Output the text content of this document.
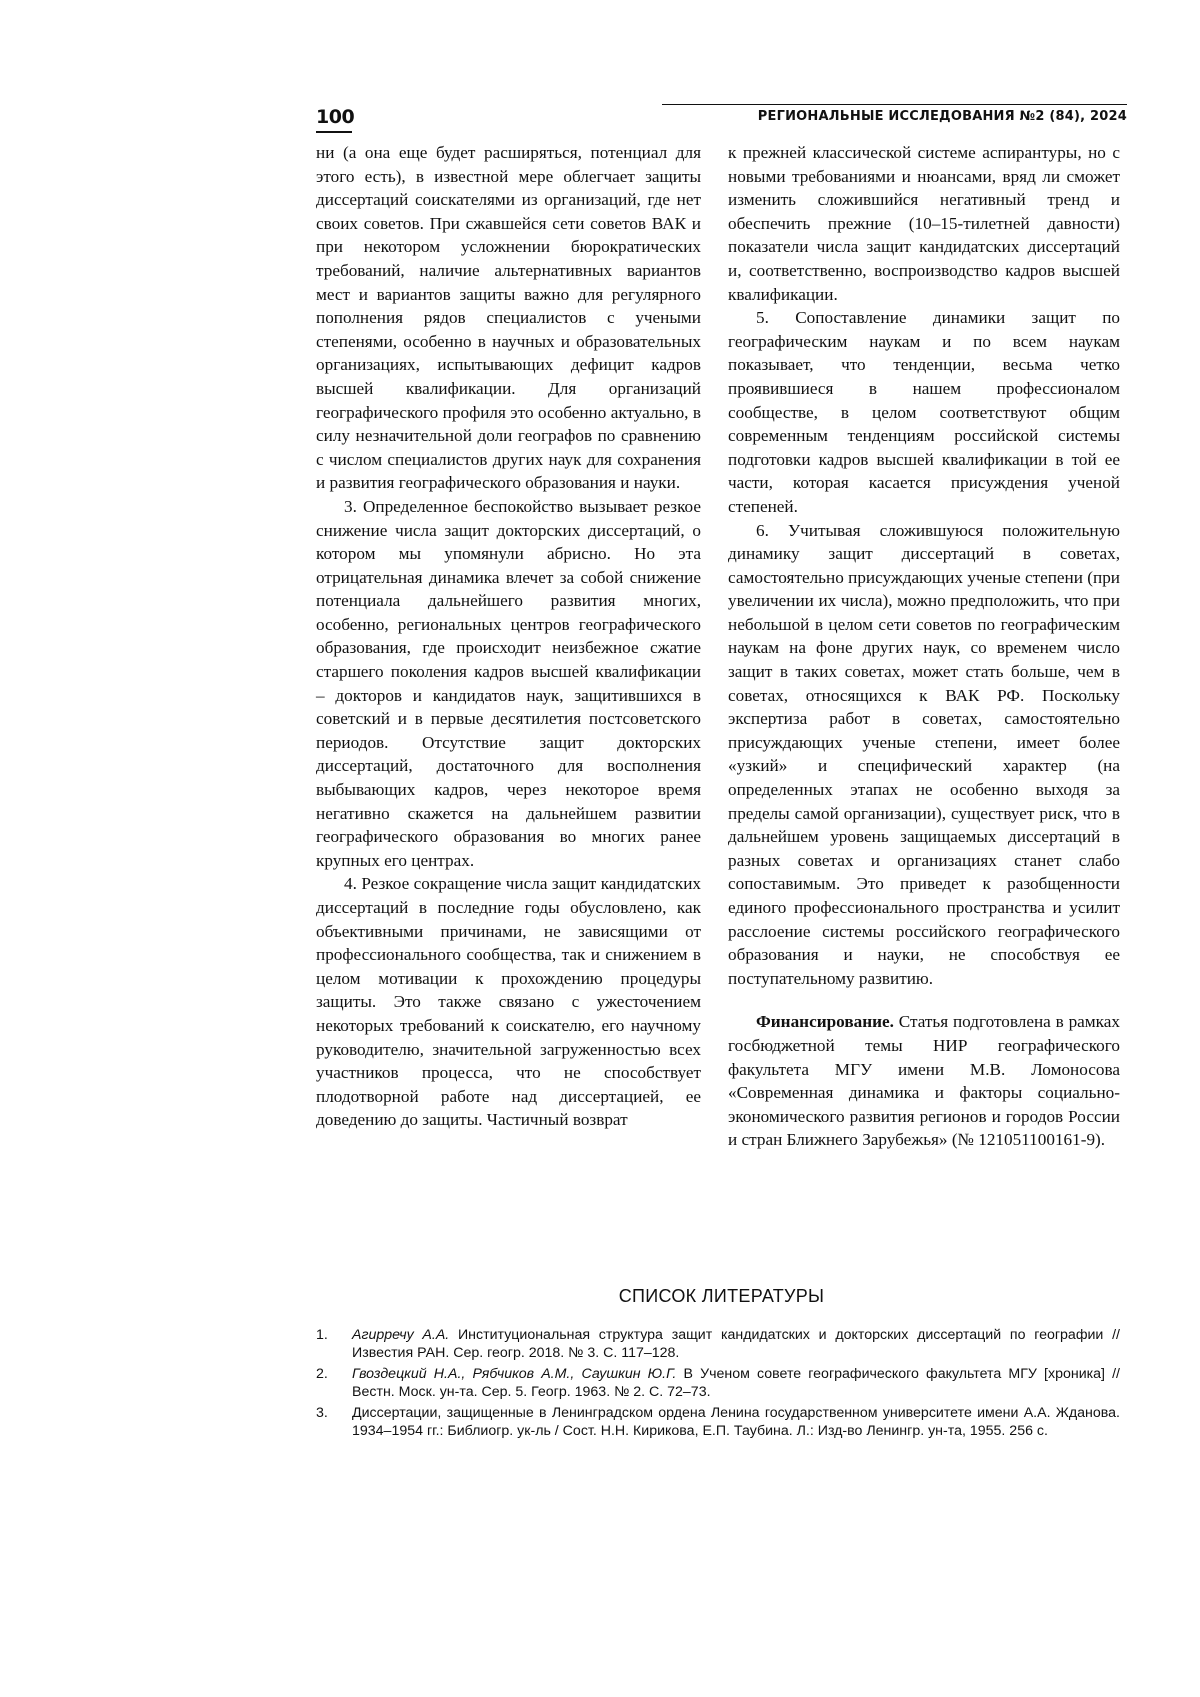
100	РЕГИОНАЛЬНЫЕ ИССЛЕДОВАНИЯ №2 (84), 2024

ни (а она еще будет расширяться, потенциал для этого есть), в известной мере облегчает защиты диссертаций соискателями из организаций, где нет своих советов. При сжавшейся сети советов ВАК и при некотором усложнении бюрократических требований, наличие альтернативных вариантов мест и вариантов защиты важно для регулярного пополнения рядов специалистов с учеными степенями, особенно в научных и образовательных организациях, испытывающих дефицит кадров высшей квалификации. Для организаций географического профиля это особенно актуально, в силу незначительной доли географов по сравнению с числом специалистов других наук для сохранения и развития географического образования и науки.

3. Определенное беспокойство вызывает резкое снижение числа защит докторских диссертаций, о котором мы упомянули абрисно. Но эта отрицательная динамика влечет за собой снижение потенциала дальнейшего развития многих, особенно, региональных центров географического образования, где происходит неизбежное сжатие старшего поколения кадров высшей квалификации – докторов и кандидатов наук, защитившихся в советский и в первые десятилетия постсоветского периодов. Отсутствие защит докторских диссертаций, достаточного для восполнения выбывающих кадров, через некоторое время негативно скажется на дальнейшем развитии географического образования во многих ранее крупных его центрах.

4. Резкое сокращение числа защит кандидатских диссертаций в последние годы обусловлено, как объективными причинами, не зависящими от профессионального сообщества, так и снижением в целом мотивации к прохождению процедуры защиты. Это также связано с ужесточением некоторых требований к соискателю, его научному руководителю, значительной загруженностью всех участников процесса, что не способствует плодотворной работе над диссертацией, ее доведению до защиты. Частичный возврат

к прежней классической системе аспирантуры, но с новыми требованиями и нюансами, вряд ли сможет изменить сложившийся негативный тренд и обеспечить прежние (10–15-тилетней давности) показатели числа защит кандидатских диссертаций и, соответственно, воспроизводство кадров высшей квалификации.

5. Сопоставление динамики защит по географическим наукам и по всем наукам показывает, что тенденции, весьма четко проявившиеся в нашем профессионалом сообществе, в целом соответствуют общим современным тенденциям российской системы подготовки кадров высшей квалификации в той ее части, которая касается присуждения ученой степеней.

6. Учитывая сложившуюся положительную динамику защит диссертаций в советах, самостоятельно присуждающих ученые степени (при увеличении их числа), можно предположить, что при небольшой в целом сети советов по географическим наукам на фоне других наук, со временем число защит в таких советах, может стать больше, чем в советах, относящихся к ВАК РФ. Поскольку экспертиза работ в советах, самостоятельно присуждающих ученые степени, имеет более «узкий» и специфический характер (на определенных этапах не особенно выходя за пределы самой организации), существует риск, что в дальнейшем уровень защищаемых диссертаций в разных советах и организациях станет слабо сопоставимым. Это приведет к разобщенности единого профессионального пространства и усилит расслоение системы российского географического образования и науки, не способствуя ее поступательному развитию.

Финансирование. Статья подготовлена в рамках госбюджетной темы НИР географического факультета МГУ имени М.В. Ломоносова «Современная динамика и факторы социально-экономического развития регионов и городов России и стран Ближнего Зарубежья» (№ 121051100161-9).

СПИСОК ЛИТЕРАТУРЫ
1. Агирречу А.А. Институциональная структура защит кандидатских и докторских диссертаций по географии // Известия РАН. Сер. геогр. 2018. № 3. С. 117–128.
2. Гвоздецкий Н.А., Рябчиков А.М., Саушкин Ю.Г. В Ученом совете географического факультета МГУ [хроника] // Вестн. Моск. ун-та. Сер. 5. Геогр. 1963. № 2. С. 72–73.
3. Диссертации, защищенные в Ленинградском ордена Ленина государственном университете имени А.А. Жданова. 1934–1954 гг.: Библиогр. ук-ль / Сост. Н.Н. Кирикова, Е.П. Таубина. Л.: Изд-во Ленингр. ун-та, 1955. 256 с.
